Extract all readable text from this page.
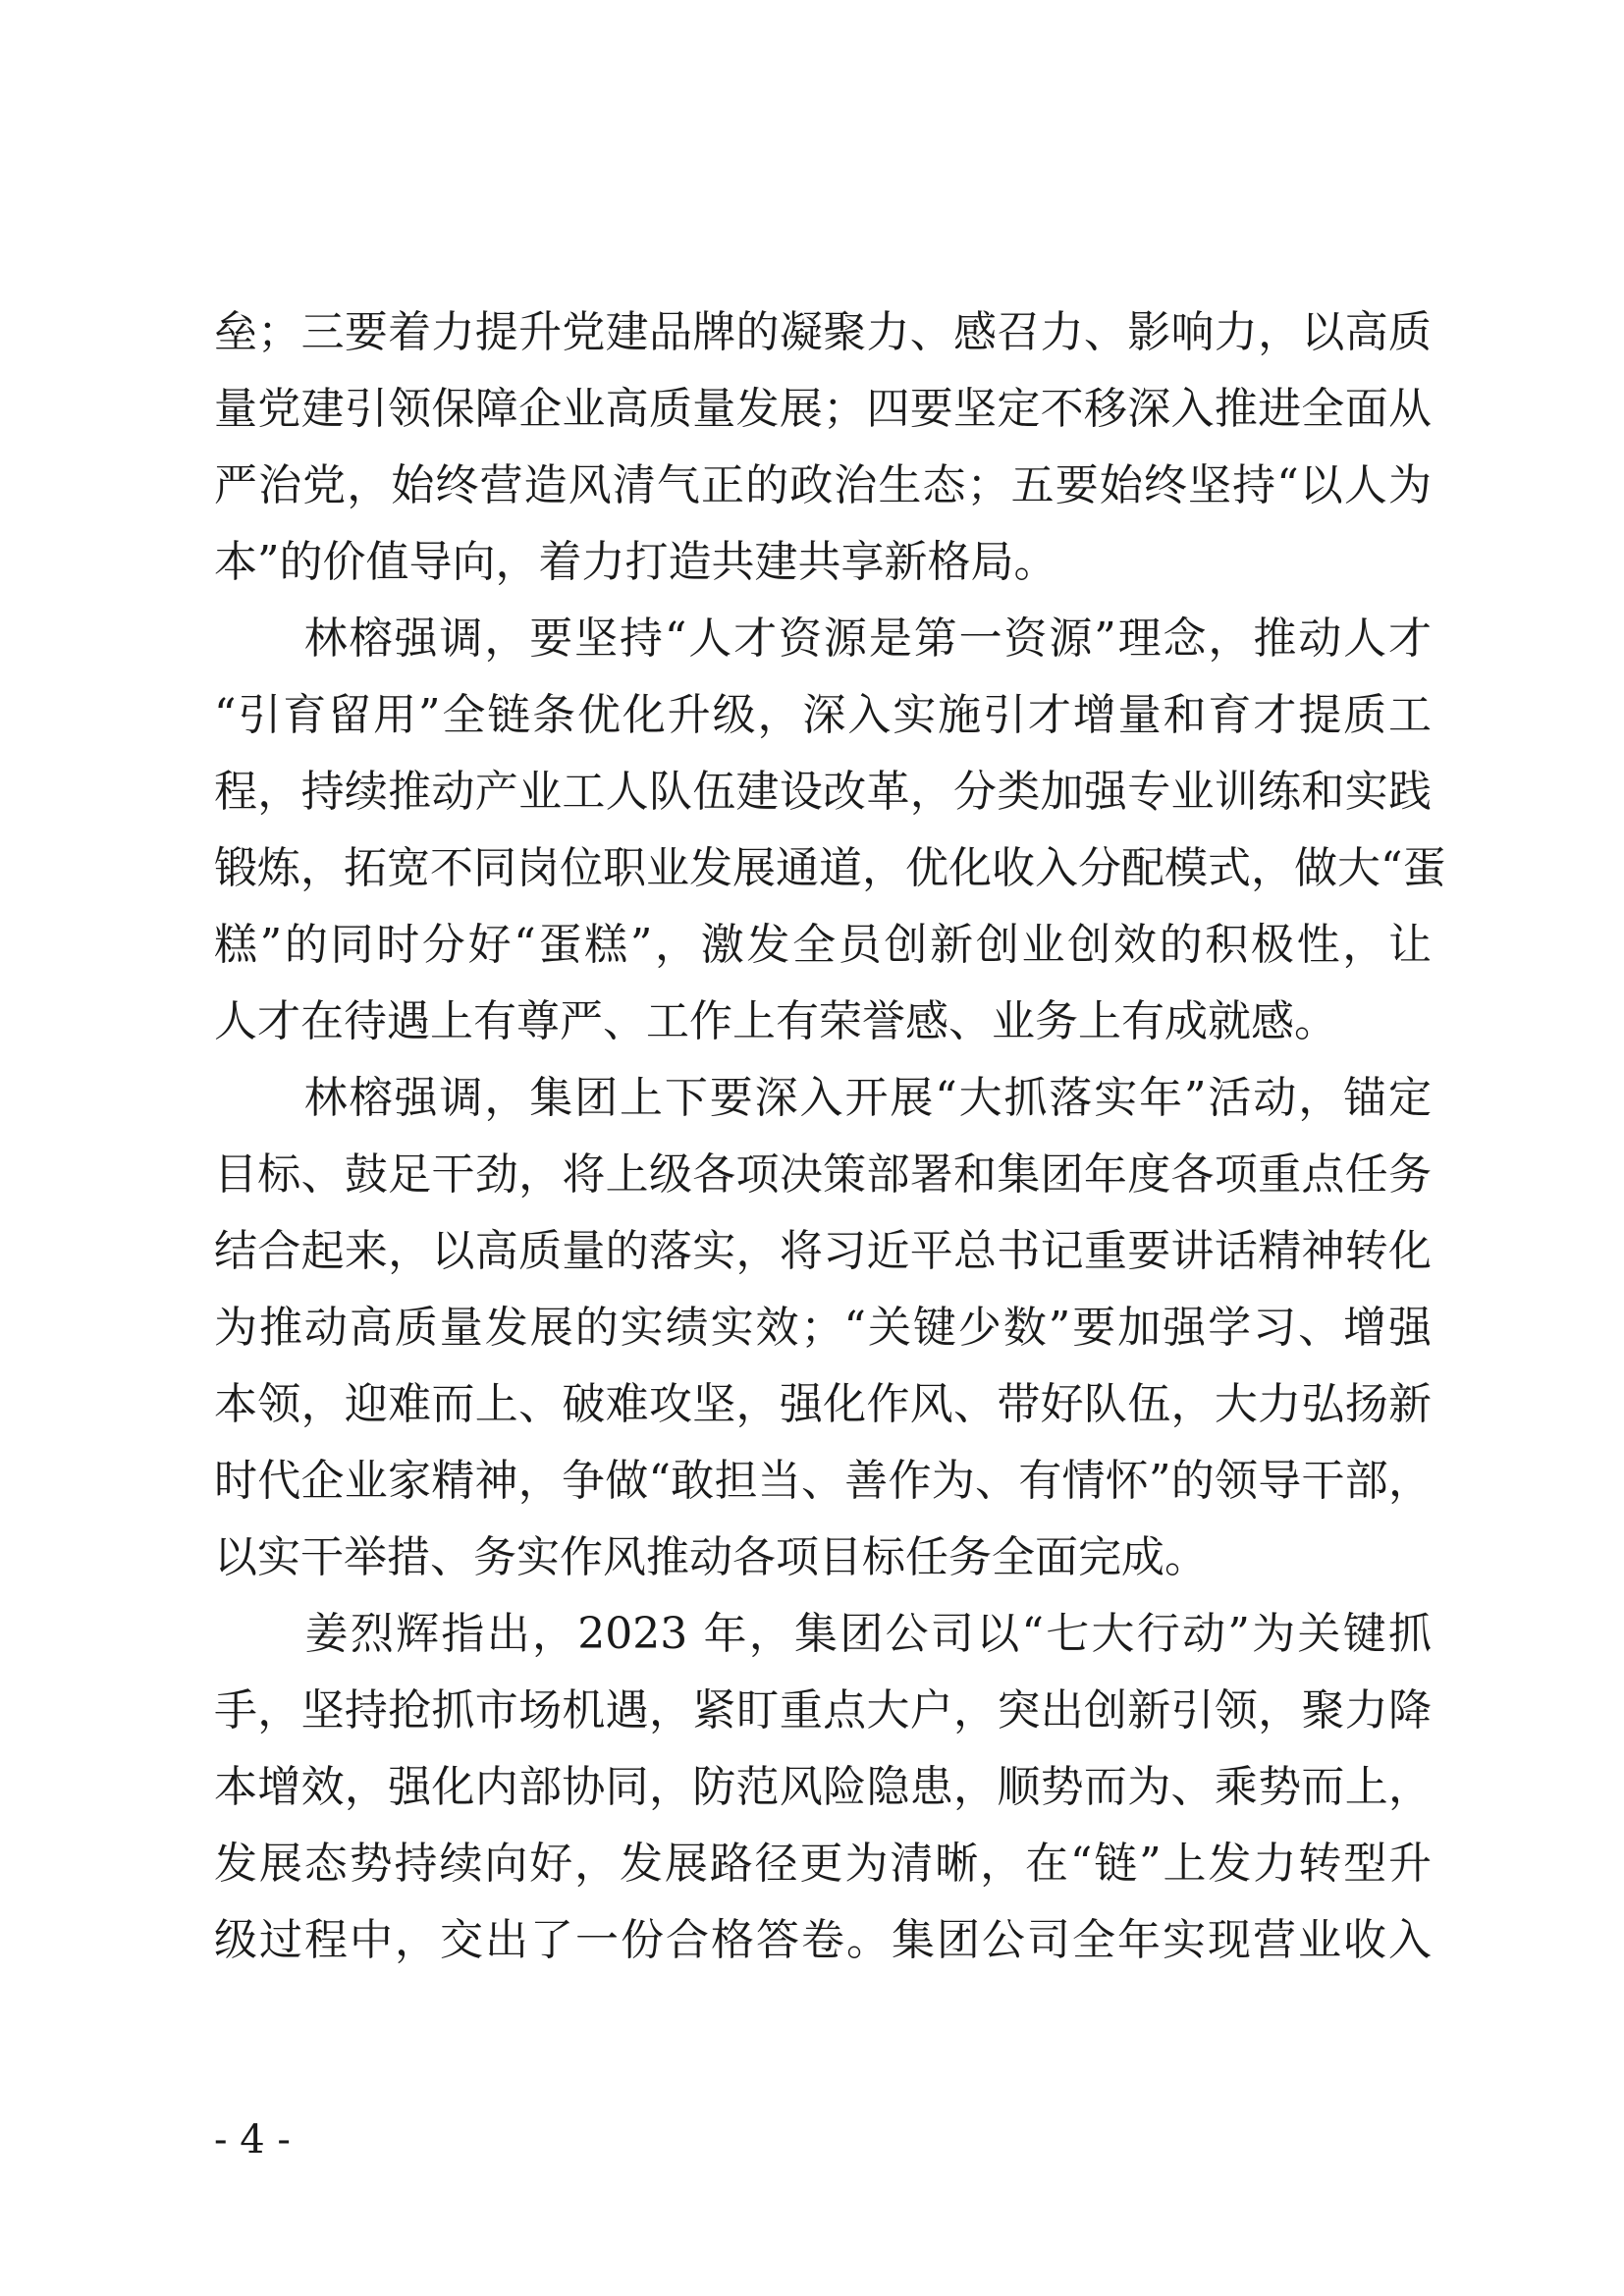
垒；三要着力提升党建品牌的凝聚力、感召力、影响力，以高质
量党建引领保障企业高质量发展；四要坚定不移深入推进全面从
严治党，始终营造风清气正的政治生态；五要始终坚持“以人为
本”的价值导向，着力打造共建共享新格局。
　　林榕强调，要坚持“人才资源是第一资源”理念，推动人才
“引育留用”全链条优化升级，深入实施引才增量和育才提质工
程，持续推动产业工人队伍建设改革，分类加强专业训练和实践
锻炼，拓宽不同岗位职业发展通道，优化收入分配模式，做大“蛋
糕”的同时分好“蛋糕”，激发全员创新创业创效的积极性，让
人才在待遇上有尊严、工作上有荣誉感、业务上有成就感。
　　林榕强调，集团上下要深入开展“大抓落实年”活动，锚定
目标、鼓足干劲，将上级各项决策部署和集团年度各项重点任务
结合起来，以高质量的落实，将习近平总书记重要讲话精神转化
为推动高质量发展的实绩实效；“关键少数”要加强学习、增强
本领，迎难而上、破难攻坚，强化作风、带好队伍，大力弘扬新
时代企业家精神，争做“敢担当、善作为、有情怀”的领导干部，
以实干举措、务实作风推动各项目标任务全面完成。
　　姜烈辉指出，2023 年，集团公司以“七大行动”为关键抓
手，坚持抢抓市场机遇，紧盯重点大户，突出创新引领，聚力降
本增效，强化内部协同，防范风险隐患，顺势而为、乘势而上，
发展态势持续向好，发展路径更为清晰，在“链”上发力转型升
级过程中，交出了一份合格答卷。集团公司全年实现营业收入
- 4 -
